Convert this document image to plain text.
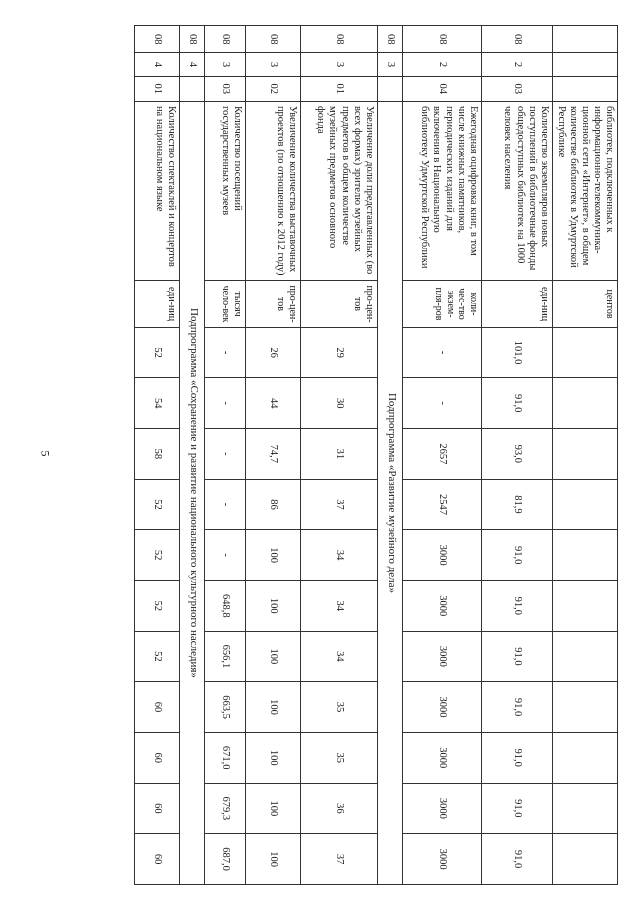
5
			библиотек, подключенных к информационно-телекоммуника-ционной сети «Интернет», в общем количестве библиотек в Удмуртской Республике	центов											
08	2	03	Количество экземпляров новых поступлений в библиотечные фонды общедоступных библиотек на 1000 человек населения	еди-ниц	101,0	91,0	93,0	81,9	91,0	91,0	91,0	91,0	91,0	91,0	91,0
08	2	04	Ежегодная оцифровка книг, в том числе книжных памятников, периодических изданий для включения в Национальную библиотеку Удмуртской Республики	коли-чес-тво экзем-пля-ров	-	-	2657	2547	3000	3000	3000	3000	3000	3000	3000
08	3		Подпрограмма «Развитие музейного дела»												
08	3	01	Увеличение доли представленных (во всех формах) зрителю музейных предметов в общем количестве музейных предметов основного фонда	про-цен-тов	29	30	31	37	34	34	34	35	35	36	37
08	3	02	Увеличение количества выставочных проектов (по отношению к 2012 году)	про-цен-тов	26	44	74,7	86	100	100	100	100	100	100	100
08	3	03	Количество посещений государственных музеев	тысяч чело-век	-	-	-	-	-	648,8	656,1	663,5	671,0	679,3	687,0
08	4		Подпрограмма «Сохранение и развитие национального культурного наследия»												
08	4	01	Количество спектаклей и концертов на национальном языке	еди-ниц	52	54	58	52	52	52	52	60	60	60	60
